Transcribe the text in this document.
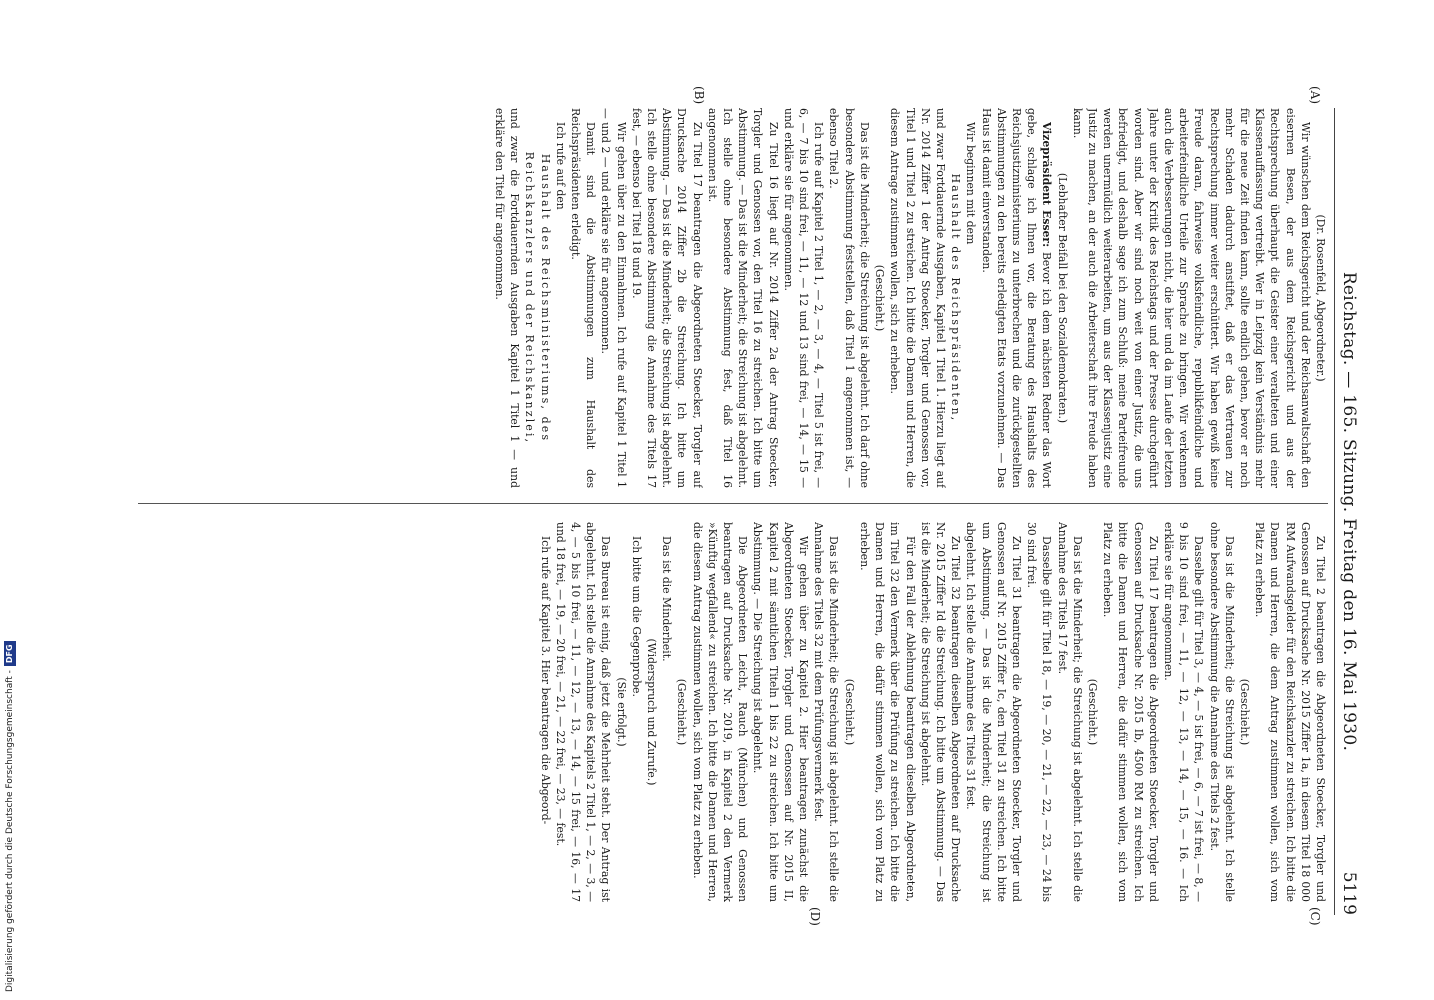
Reichstag. — 165. Sitzung. Freitag den 16. Mai 1930.
5119
(A)
(B)
(C)
(D)

(Dr. Rosenfeld, Abgeordneter.)

Wir wünschen dem Reichsgericht und der Reichsanwaltschaft den eisernen Besen, der aus dem Reichsgericht und aus der Rechtsprechung überhaupt die Geister einer veralteten und einer Klassenauffassung vertreibt. Wer in Leipzig kein Verständnis mehr für die neue Zeit finden kann, sollte endlich gehen, bevor er noch mehr Schaden dadurch anstiftet, daß er das Vertrauen zur Rechtsprechung immer weiter erschüttert. Wir haben gewiß keine Freude daran, fahrweise volksfeindliche, republikfeindliche und arbeiterfeindliche Urteile zur Sprache zu bringen. Wir verkennen auch die Verbesserungen nicht, die hier und da im Laufe der letzten Jahre unter der Kritik des Reichstags und der Presse durchgeführt worden sind. Aber wir sind noch weit von einer Justiz, die uns befriedigt, und deshalb sage ich zum Schluß: meine Parteifreunde werden unermüdlich weiterarbeiten, um aus der Klassenjustiz eine Justiz zu machen, an der auch die Arbeiterschaft ihre Freude haben kann.

(Lebhafter Beifall bei den Sozialdemokraten.)

Vizepräsident Esser: Bevor ich dem nächsten Redner das Wort gebe, schlage ich Ihnen vor, die Beratung des Haushalts des Reichsjustizministeriums zu unterbrechen und die zurückgestellten Abstimmungen zu den bereits erledigten Etats vorzunehmen. — Das Haus ist damit einverstanden.

Wir beginnen mit dem

Haushalt des Reichspräsidenten,

und zwar Fortdauernde Ausgaben, Kapitel 1 Titel 1. Hierzu liegt auf Nr. 2014 Ziffer 1 der Antrag Stoecker, Torgler und Genossen vor, Titel 1 und Titel 2 zu streichen. Ich bitte die Damen und Herren, die diesem Antrage zustimmen wollen, sich zu erheben.

(Geschieht.)

Das ist die Minderheit; die Streichung ist abgelehnt. Ich darf ohne besondere Abstimmung feststellen, daß Titel 1 angenommen ist, — ebenso Titel 2.

Ich rufe auf Kapitel 2 Titel 1, — 2, — 3, — 4, — Titel 5 ist frei, — 6, — 7 bis 10 sind frei, — 11, — 12 und 13 sind frei, — 14, — 15 — und erkläre sie für angenommen.

Zu Titel 16 liegt auf Nr. 2014 Ziffer 2a der Antrag Stoecker, Torgler und Genossen vor, den Titel 16 zu streichen. Ich bitte um Abstimmung. — Das ist die Minderheit; die Streichung ist abgelehnt. Ich stelle ohne besondere Abstimmung fest, daß Titel 16 angenommen ist.

Zu Titel 17 beantragen die Abgeordneten Stoecker, Torgler auf Drucksache 2014 Ziffer 2b die Streichung. Ich bitte um Abstimmung. — Das ist die Minderheit; die Streichung ist abgelehnt. Ich stelle ohne besondere Abstimmung die Annahme des Titels 17 fest, — ebenso bei Titel 18 und 19.

Wir gehen über zu den Einnahmen. Ich rufe auf Kapitel 1 Titel 1 — und 2 — und erkläre sie für angenommen.

Damit sind die Abstimmungen zum Haushalt des Reichspräsidenten erledigt.

Ich rufe auf den

Haushalt des Reichsministeriums, des Reichskanzlers und der Reichskanzlei,

und zwar die Fortdauernden Ausgaben Kapitel 1 Titel 1 — und erkläre den Titel für angenommen.

Zu Titel 2 beantragen die Abgeordneten Stoecker, Torgler und Genossen auf Drucksache Nr. 2015 Ziffer 1a, in diesem Titel 18 000 RM Aufwandsgelder für den Reichskanzler zu streichen. Ich bitte die Damen und Herren, die dem Antrag zustimmen wollen, sich vom Platz zu erheben.

(Geschieht.)

Das ist die Minderheit; die Streichung ist abgelehnt. Ich stelle ohne besondere Abstimmung die Annahme des Titels 2 fest.

Dasselbe gilt für Titel 3, — 4, — 5 ist frei, — 6, — 7 ist frei, — 8, — 9 bis 10 sind frei, — 11, — 12, — 13, — 14, — 15, — 16. — Ich erkläre sie für angenommen.

Zu Titel 17 beantragen die Abgeordneten Stoecker, Torgler und Genossen auf Drucksache Nr. 2015 Ib, 4500 RM zu streichen. Ich bitte die Damen und Herren, die dafür stimmen wollen, sich vom Platz zu erheben.

(Geschieht.)

Das ist die Minderheit; die Streichung ist abgelehnt. Ich stelle die Annahme des Titels 17 fest.

Dasselbe gilt für Titel 18, — 19, — 20, — 21, — 22, — 23, — 24 bis 30 sind frei.

Zu Titel 31 beantragen die Abgeordneten Stoecker, Torgler und Genossen auf Nr. 2015 Ziffer Ic, den Titel 31 zu streichen. Ich bitte um Abstimmung. — Das ist die Minderheit; die Streichung ist abgelehnt. Ich stelle die Annahme des Titels 31 fest.

Zu Titel 32 beantragen dieselben Abgeordneten auf Drucksache Nr. 2015 Ziffer Id die Streichung. Ich bitte um Abstimmung. — Das ist die Minderheit; die Streichung ist abgelehnt.

Für den Fall der Ablehnung beantragen dieselben Abgeordneten, im Titel 32 den Vermerk über die Prüfung zu streichen. Ich bitte die Damen und Herren, die dafür stimmen wollen, sich vom Platz zu erheben.

(Geschieht.)

Das ist die Minderheit; die Streichung ist abgelehnt. Ich stelle die Annahme des Titels 32 mit dem Prüfungsvermerk fest.

Wir gehen über zu Kapitel 2. Hier beantragen zunächst die Abgeordneten Stoecker, Torgler und Genossen auf Nr. 2015 II, Kapitel 2 mit sämtlichen Titeln 1 bis 22 zu streichen. Ich bitte um Abstimmung. — Die Streichung ist abgelehnt.

Die Abgeordneten Leicht, Rauch (München) und Genossen beantragen auf Drucksache Nr. 2019, in Kapitel 2 den Vermerk »Künftig wegfallend« zu streichen. Ich bitte die Damen und Herren, die diesem Antrag zustimmen wollen, sich vom Platz zu erheben.

(Geschieht.)

Das ist die Minderheit.

(Widerspruch und Zurufe.)

Ich bitte um die Gegenprobe.

(Sie erfolgt.)

Das Bureau ist einig, daß jetzt die Mehrheit steht. Der Antrag ist abgelehnt. Ich stelle die Annahme des Kapitels 2 Titel 1, — 2, — 3, — 4, — 5 bis 10 frei, — 11, — 12, — 13, — 14, — 15 frei, — 16, — 17 und 18 frei, — 19, — 20 frei, — 21, — 22 frei, — 23, — fest.

Ich rufe auf Kapitel 3. Hier beantragen die Abgeord-

Digitalisierung gefördert durch die Deutsche Forschungsgemeinschaft -DFG
